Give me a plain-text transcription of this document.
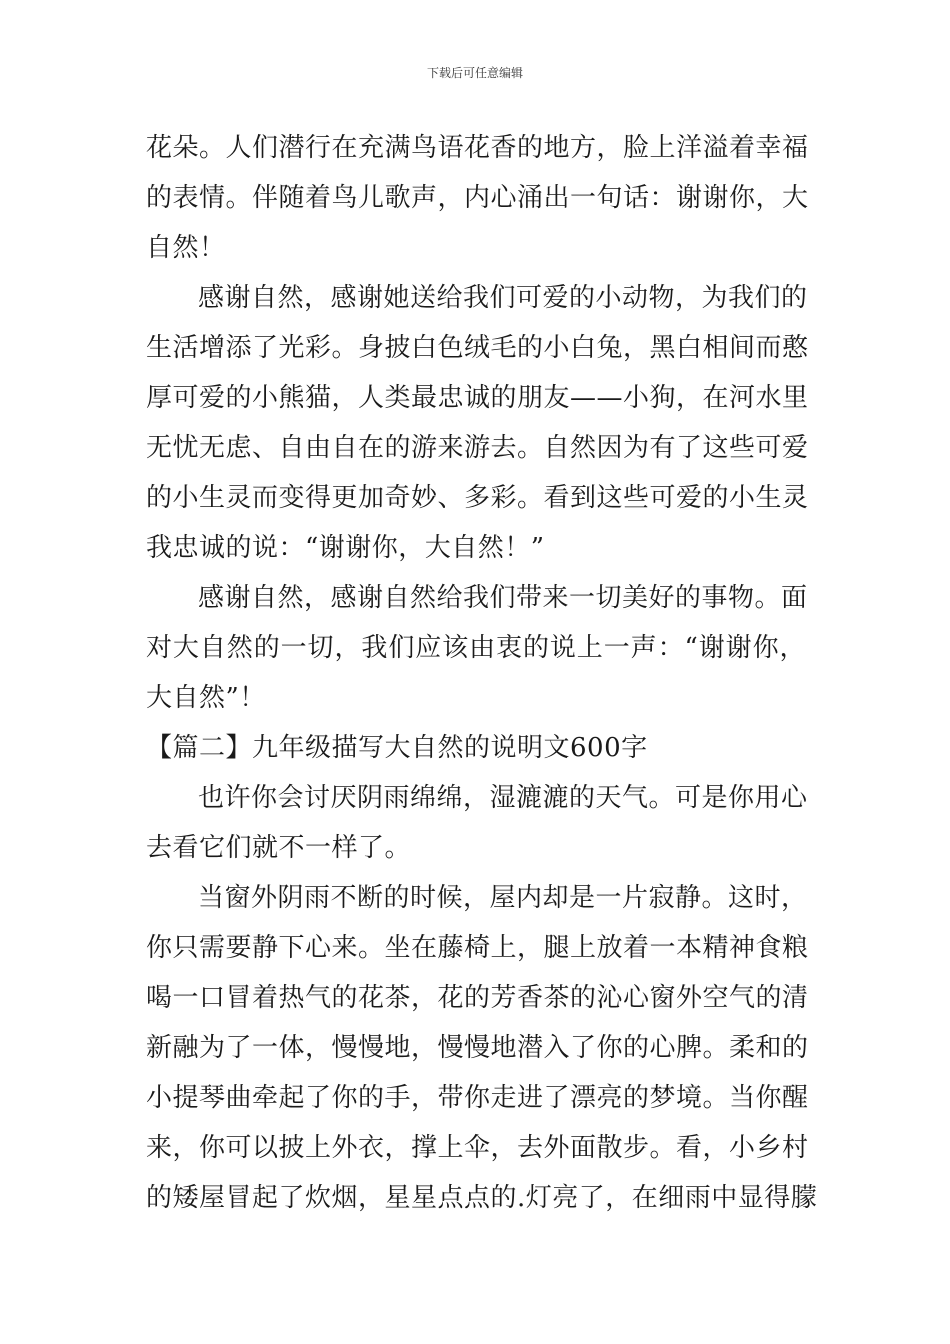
下载后可任意编辑
花朵。人们潜行在充满鸟语花香的地方，脸上洋溢着幸福
的表情。伴随着鸟儿歌声，内心涌出一句话：谢谢你，大
自然！
感谢自然，感谢她送给我们可爱的小动物，为我们的
生活增添了光彩。身披白色绒毛的小白兔，黑白相间而憨
厚可爱的小熊猫，人类最忠诚的朋友——小狗，在河水里
无忧无虑、自由自在的游来游去。自然因为有了这些可爱
的小生灵而变得更加奇妙、多彩。看到这些可爱的小生灵
我忠诚的说：“谢谢你，大自然！”
感谢自然，感谢自然给我们带来一切美好的事物。面
对大自然的一切，我们应该由衷的说上一声：“谢谢你，
大自然”！
【篇二】九年级描写大自然的说明文600字
也许你会讨厌阴雨绵绵，湿漉漉的天气。可是你用心
去看它们就不一样了。
当窗外阴雨不断的时候，屋内却是一片寂静。这时，
你只需要静下心来。坐在藤椅上，腿上放着一本精神食粮
喝一口冒着热气的花茶，花的芳香茶的沁心窗外空气的清
新融为了一体，慢慢地，慢慢地潜入了你的心脾。柔和的
小提琴曲牵起了你的手，带你走进了漂亮的梦境。当你醒
来，你可以披上外衣，撑上伞，去外面散步。看，小乡村
的矮屋冒起了炊烟，星星点点的.灯亮了，在细雨中显得朦
